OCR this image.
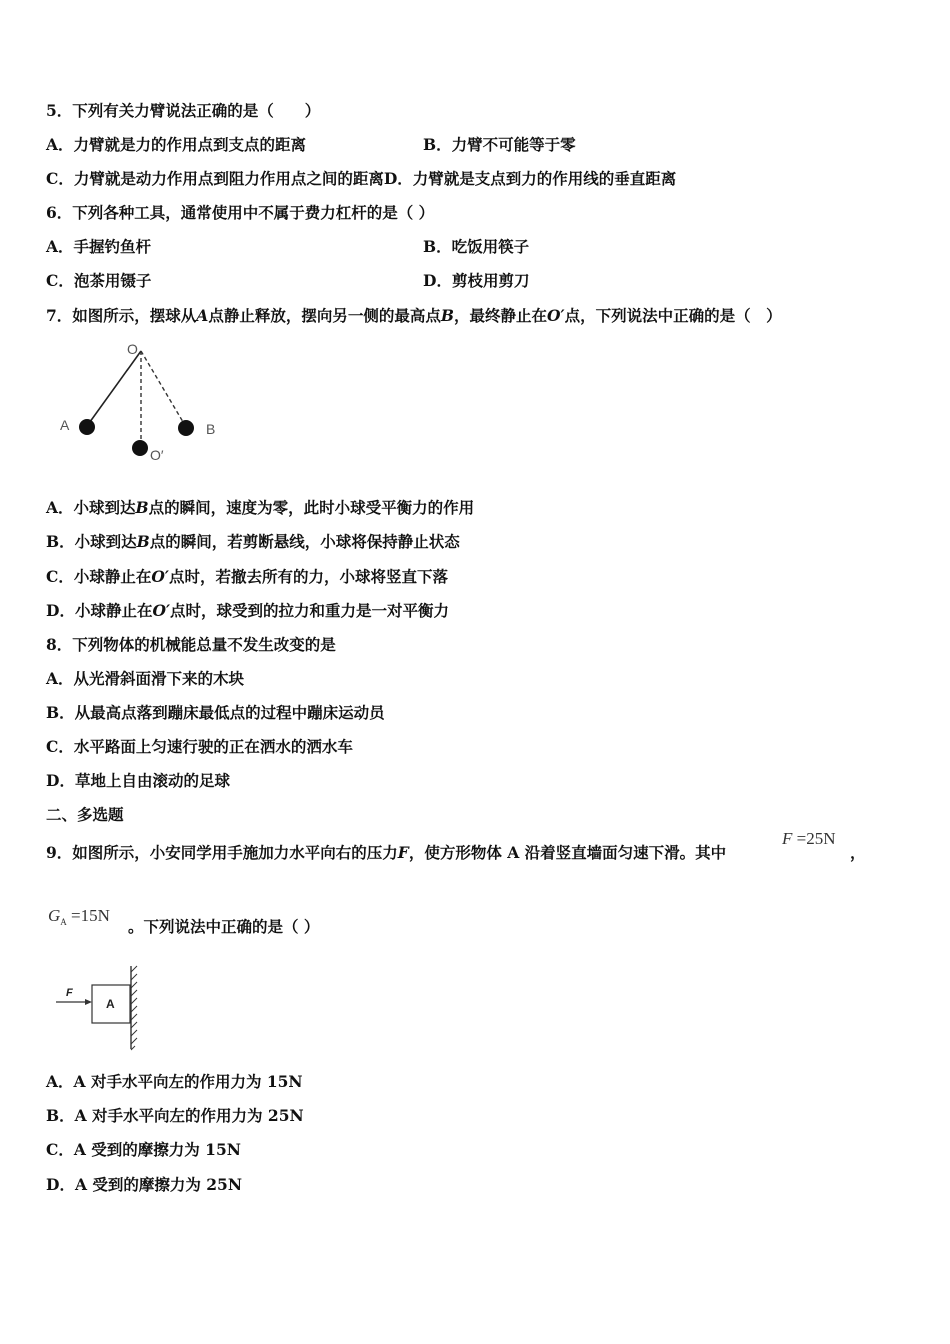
5．下列有关力臂说法正确的是（　　）
A．力臂就是力的作用点到支点的距离	B．力臂不可能等于零
C．力臂就是动力作用点到阻力作用点之间的距离D．力臂就是支点到力的作用线的垂直距离
6．下列各种工具，通常使用中不属于费力杠杆的是（ ）
A．手握钓鱼杆	B．吃饭用筷子
C．泡茶用镊子	D．剪枝用剪刀
7．如图所示，摆球从A点静止释放，摆向另一侧的最高点B，最终静止在O′点，下列说法中正确的是（　）
O
A	B
O′
F
A
A．小球到达B点的瞬间，速度为零，此时小球受平衡力的作用
B．小球到达B点的瞬间，若剪断悬线，小球将保持静止状态
C．小球静止在O′点时，若撤去所有的力，小球将竖直下落
D．小球静止在O′点时，球受到的拉力和重力是一对平衡力
8．下列物体的机械能总量不发生改变的是
A．从光滑斜面滑下来的木块
B．从最高点落到蹦床最低点的过程中蹦床运动员
C．水平路面上匀速行驶的正在洒水的洒水车
D．草地上自由滚动的足球
二、多选题
9．如图所示，小安同学用手施加力水平向右的压力F，使方形物体 A 沿着竖直墙面匀速下滑。其中
F =25N
，
$G_A =15N$
。下列说法中正确的是（ ）
A．A 对手水平向左的作用力为 15N
B．A 对手水平向左的作用力为 25N
C．A 受到的摩擦力为 15N
D．A 受到的摩擦力为 25N
